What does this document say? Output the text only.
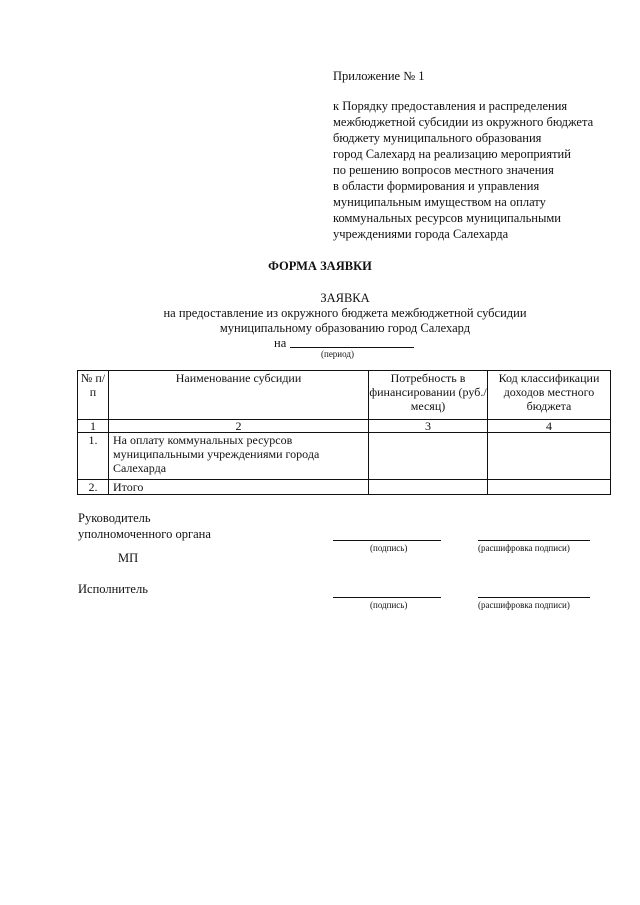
Приложение № 1
к Порядку предоставления и распределения
межбюджетной субсидии из окружного бюджета
бюджету муниципального образования
город Салехард на реализацию мероприятий
по решению вопросов местного значения
в области формирования и управления
муниципальным имуществом на оплату
коммунальных ресурсов муниципальными
учреждениями города Салехарда
ФОРМА ЗАЯВКИ
ЗАЯВКА
на предоставление из окружного бюджета межбюджетной субсидии
муниципальному образованию город Салехард
на
(период)
№ п/п	Наименование субсидии	Потребность в финансировании (руб./месяц)	Код классификации доходов местного бюджета
1	2	3	4
1.	На оплату коммунальных ресурсов муниципальными учреждениями города Салехарда		
2.	Итого		
Руководитель
уполномоченного органа
(подпись)	(расшифровка подписи)
МП
Исполнитель
(подпись)	(расшифровка подписи)
